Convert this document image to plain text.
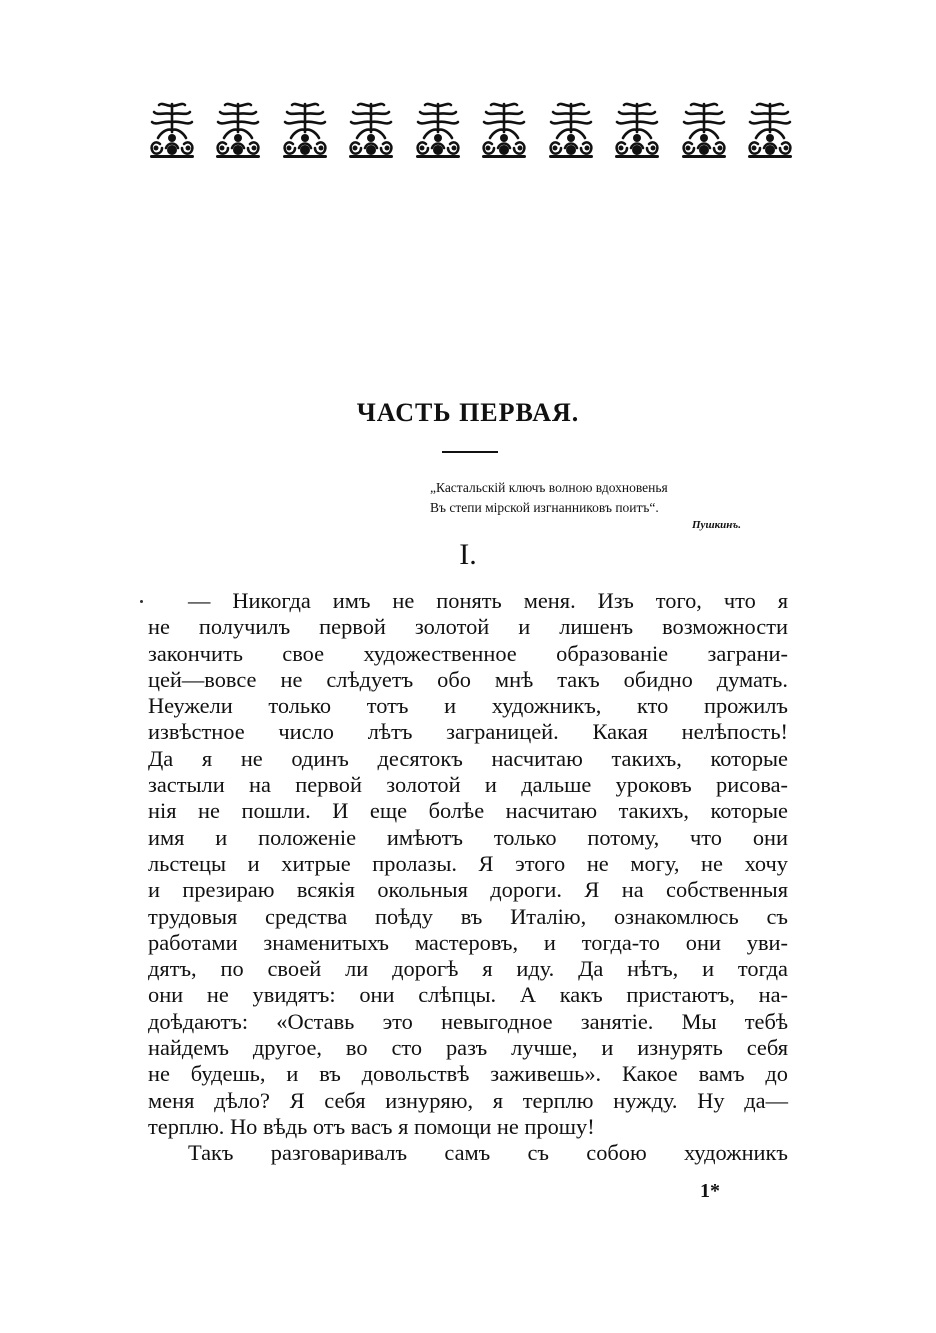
ЧАСТЬ ПЕРВАЯ.
„Кастальскій ключъ волною вдохновенья
Въ степи мірской изгнанниковъ поитъ“.
Пушкинъ.
I.
— Никогда имъ не понять меня. Изъ того, что я
не получилъ первой золотой и лишенъ возможности
закончить свое художественное образованіе заграни-
цей—вовсе не слѣдуетъ обо мнѣ такъ обидно думать.
Неужели только тотъ и художникъ, кто прожилъ
извѣстное число лѣтъ заграницей. Какая нелѣпость!
Да я не одинъ десятокъ насчитаю такихъ, которые
застыли на первой золотой и дальше уроковъ рисова-
нія не пошли. И еще болѣе насчитаю такихъ, которые
имя и положеніе имѣютъ только потому, что они
льстецы и хитрые пролазы. Я этого не могу, не хочу
и презираю всякія окольныя дороги. Я на собственныя
трудовыя средства поѣду въ Италію, ознакомлюсь съ
работами знаменитыхъ мастеровъ, и тогда-то они уви-
дятъ, по своей ли дорогѣ я иду. Да нѣтъ, и тогда
они не увидятъ: они слѣпцы. А какъ пристаютъ, на-
доѣдаютъ: «Оставь это невыгодное занятіе. Мы тебѣ
найдемъ другое, во сто разъ лучше, и изнурять себя
не будешь, и въ довольствѣ заживешь». Какое вамъ до
меня дѣло? Я себя изнуряю, я терплю нужду. Ну да—
терплю. Но вѣдь отъ васъ я помощи не прошу!
Такъ разговаривалъ самъ съ собою художникъ
1*
